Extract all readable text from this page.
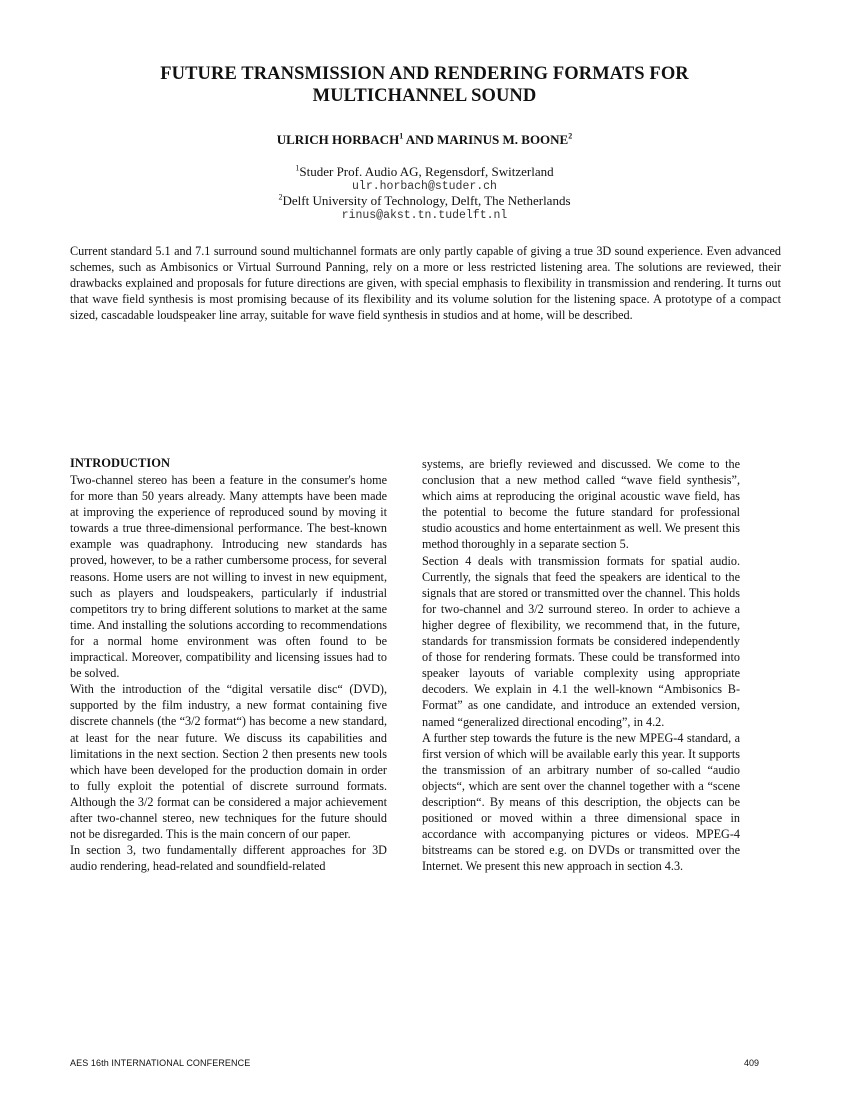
FUTURE TRANSMISSION AND RENDERING FORMATS FOR
MULTICHANNEL SOUND
ULRICH HORBACH$^1$ AND MARINUS M. BOONE$^2$
$^1$Studer Prof. Audio AG, Regensdorf, Switzerland
ulr.horbach@studer.ch
$^2$Delft University of Technology, Delft, The Netherlands
rinus@akst.tn.tudelft.nl
Current standard 5.1 and 7.1 surround sound multichannel formats are only partly capable of giving a true 3D sound experience. Even advanced schemes, such as Ambisonics or Virtual Surround Panning, rely on a more or less restricted listening area. The solutions are reviewed, their drawbacks explained and proposals for future directions are given, with special emphasis to flexibility in transmission and rendering. It turns out that wave field synthesis is most promising because of its flexibility and its volume solution for the listening space. A prototype of a compact sized, cascadable loudspeaker line array, suitable for wave field synthesis in studios and at home, will be described.
INTRODUCTION

Two-channel stereo has been a feature in the consumer's home for more than 50 years already. Many attempts have been made at improving the experience of reproduced sound by moving it towards a true three-dimensional performance. The best-known example was quadraphony. Introducing new standards has proved, however, to be a rather cumbersome process, for several reasons. Home users are not willing to invest in new equipment, such as players and loudspeakers, particularly if industrial competitors try to bring different solutions to market at the same time. And installing the solutions according to recommendations for a normal home environment was often found to be impractical. Moreover, compatibility and licensing issues had to be solved.

With the introduction of the “digital versatile disc“ (DVD), supported by the film industry, a new format containing five discrete channels (the “3/2 format“) has become a new standard, at least for the near future. We discuss its capabilities and limitations in the next section. Section 2 then presents new tools which have been developed for the production domain in order to fully exploit the potential of discrete surround formats. Although the 3/2 format can be considered a major achievement after two-channel stereo, new techniques for the future should not be disregarded. This is the main concern of our paper.

In section 3, two fundamentally different approaches for 3D audio rendering, head-related and soundfield-related

systems, are briefly reviewed and discussed. We come to the conclusion that a new method called “wave field synthesis”, which aims at reproducing the original acoustic wave field, has the potential to become the future standard for professional studio acoustics and home entertainment as well. We present this method thoroughly in a separate section 5.

Section 4 deals with transmission formats for spatial audio. Currently, the signals that feed the speakers are identical to the signals that are stored or transmitted over the channel. This holds for two-channel and 3/2 surround stereo. In order to achieve a higher degree of flexibility, we recommend that, in the future, standards for transmission formats be considered independently of those for rendering formats. These could be transformed into speaker layouts of variable complexity using appropriate decoders. We explain in 4.1 the well-known “Ambisonics B-Format” as one candidate, and introduce an extended version, named “generalized directional encoding”, in 4.2.

A further step towards the future is the new MPEG-4 standard, a first version of which will be available early this year. It supports the transmission of an arbitrary number of so-called “audio objects“, which are sent over the channel together with a “scene description“. By means of this description, the objects can be positioned or moved within a three dimensional space in accordance with accompanying pictures or videos. MPEG-4 bitstreams can be stored e.g. on DVDs or transmitted over the Internet. We present this new approach in section 4.3.

AES 16th INTERNATIONAL CONFERENCE	409
